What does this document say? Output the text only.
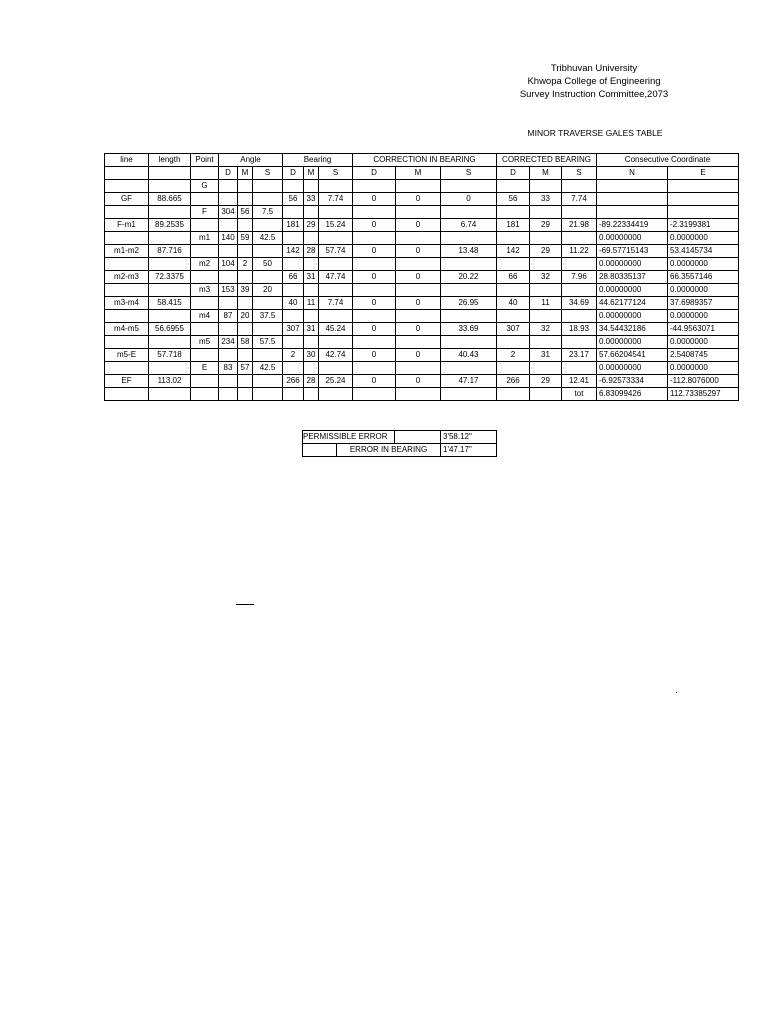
Tribhuvan University
Khwopa College of Engineering
Survey Instruction Committee,2073
MINOR TRAVERSE GALES TABLE
line	length	Point	Angle			Bearing			CORRECTION IN BEARING			CORRECTED BEARING			Consecutive Coordinate	
			D	M	S	D	M	S	D	M	S	D	M	S	N	E
		G														
GF	88.665					56	33	7.74	0	0	0	56	33	7.74		
		F	304	56	7.5											
F-m1	89.2535					181	29	15.24	0	0	6.74	181	29	21.98	-89.22334419	-2.3199381
		m1	140	59	42.5										0.00000000	0.0000000
m1-m2	87.716					142	28	57.74	0	0	13.48	142	29	11.22	-69.57715143	53.4145734
		m2	104	2	50										0.00000000	0.0000000
m2-m3	72.3375					66	31	47.74	0	0	20.22	66	32	7.96	28.80335137	66.3557146
		m3	153	39	20										0.00000000	0.0000000
m3-m4	58.415					40	11	7.74	0	0	26.95	40	11	34.69	44.62177124	37.6989357
		m4	87	20	37.5										0.00000000	0.0000000
m4-m5	56.6955					307	31	45.24	0	0	33.69	307	32	18.93	34.54432186	-44.9563071
		m5	234	58	57.5										0.00000000	0.0000000
m5-E	57.718					2	30	42.74	0	0	40.43	2	31	23.17	57.66204541	2.5408745
		E	83	57	42.5										0.00000000	0.0000000
EF	113.02					266	28	25.24	0	0	47.17	266	29	12.41	-6.92573334	-112.8076000
														tot	6.83099426	112.73385297
PERMISSIBLE ERROR			3'58.12"
	ERROR IN BEARING		1'47.17"
